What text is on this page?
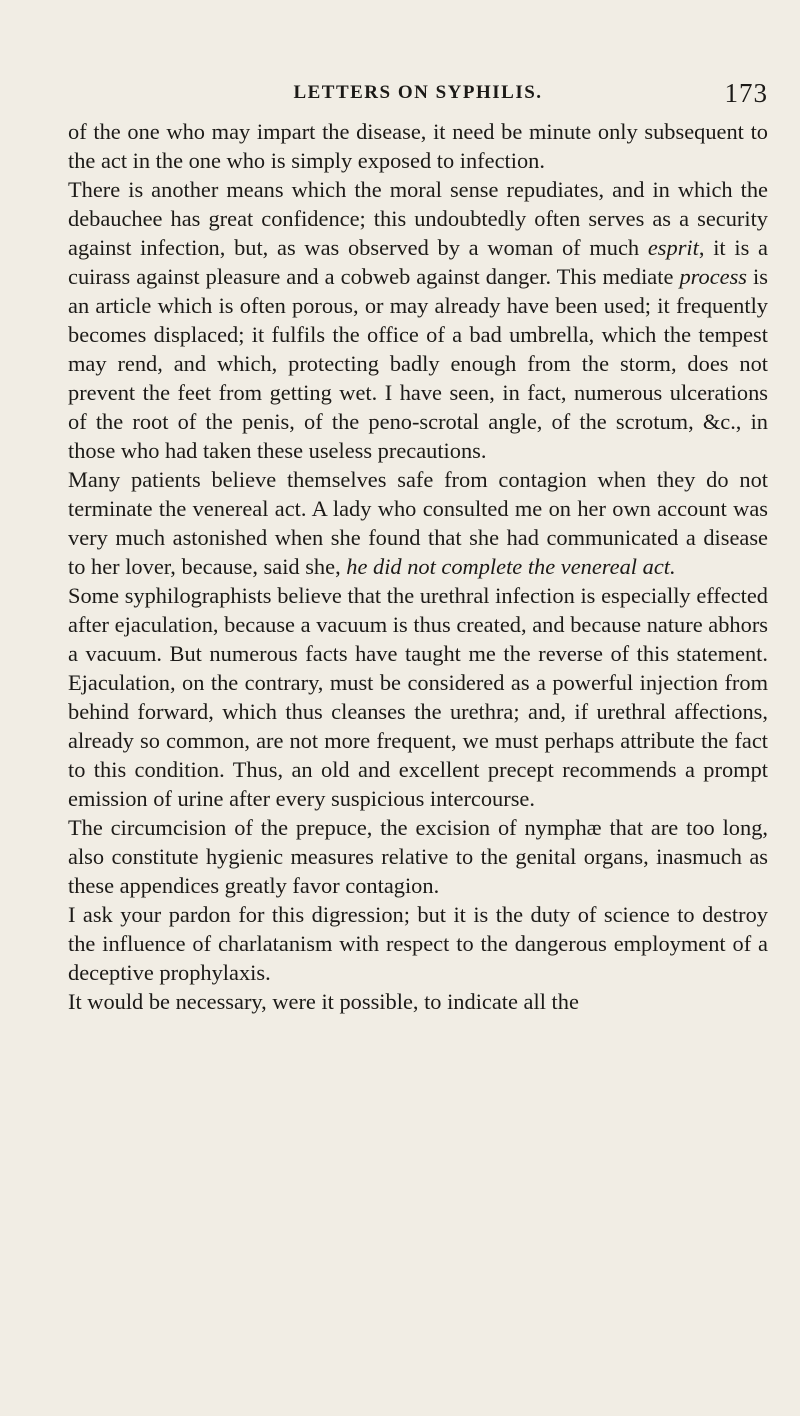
LETTERS ON SYPHILIS.	173

of the one who may impart the disease, it need be minute only subsequent to the act in the one who is simply exposed to infection.

There is another means which the moral sense repudiates, and in which the debauchee has great confidence; this undoubtedly often serves as a security against infection, but, as was observed by a woman of much esprit, it is a cuirass against pleasure and a cobweb against danger. This mediate process is an article which is often porous, or may already have been used; it frequently becomes displaced; it fulfils the office of a bad umbrella, which the tempest may rend, and which, protecting badly enough from the storm, does not prevent the feet from getting wet. I have seen, in fact, numerous ulcerations of the root of the penis, of the peno-scrotal angle, of the scrotum, &c., in those who had taken these useless precautions.

Many patients believe themselves safe from contagion when they do not terminate the venereal act. A lady who consulted me on her own account was very much astonished when she found that she had communicated a disease to her lover, because, said she, he did not complete the venereal act.

Some syphilographists believe that the urethral infection is especially effected after ejaculation, because a vacuum is thus created, and because nature abhors a vacuum. But numerous facts have taught me the reverse of this statement. Ejaculation, on the contrary, must be considered as a powerful injection from behind forward, which thus cleanses the urethra; and, if urethral affections, already so common, are not more frequent, we must perhaps attribute the fact to this condition. Thus, an old and excellent precept recommends a prompt emission of urine after every suspicious intercourse.

The circumcision of the prepuce, the excision of nymphæ that are too long, also constitute hygienic measures relative to the genital organs, inasmuch as these appendices greatly favor contagion.

I ask your pardon for this digression; but it is the duty of science to destroy the influence of charlatanism with respect to the dangerous employment of a deceptive prophylaxis.

It would be necessary, were it possible, to indicate all the
